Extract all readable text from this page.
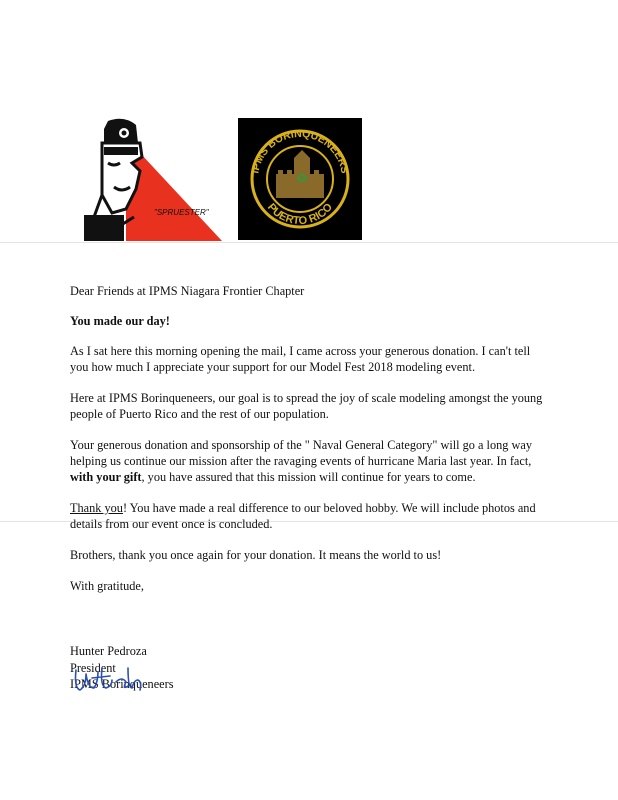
"SPRUESTER"
IPMS BORINQUENEERS
PUERTO RICO

Dear Friends at IPMS Niagara Frontier Chapter

You made our day!

As I sat here this morning opening the mail, I came across your generous donation. I can't tell you how much I appreciate your support for our Model Fest 2018 modeling event.

Here at IPMS Borinqueneers, our goal is to spread the joy of scale modeling amongst the young people of Puerto Rico and the rest of our population.

Your generous donation and sponsorship of the " Naval General Category" will go a long way helping us continue our mission after the ravaging events of hurricane Maria last year. In fact, with your gift, you have assured that this mission will continue for years to come.

Thank you! You have made a real difference to our beloved hobby. We will include photos and details from our event once is concluded.

Brothers, thank you once again for your donation. It means the world to us!

With gratitude,

Hunter Pedroza

President

IPMS Borinqueneers
